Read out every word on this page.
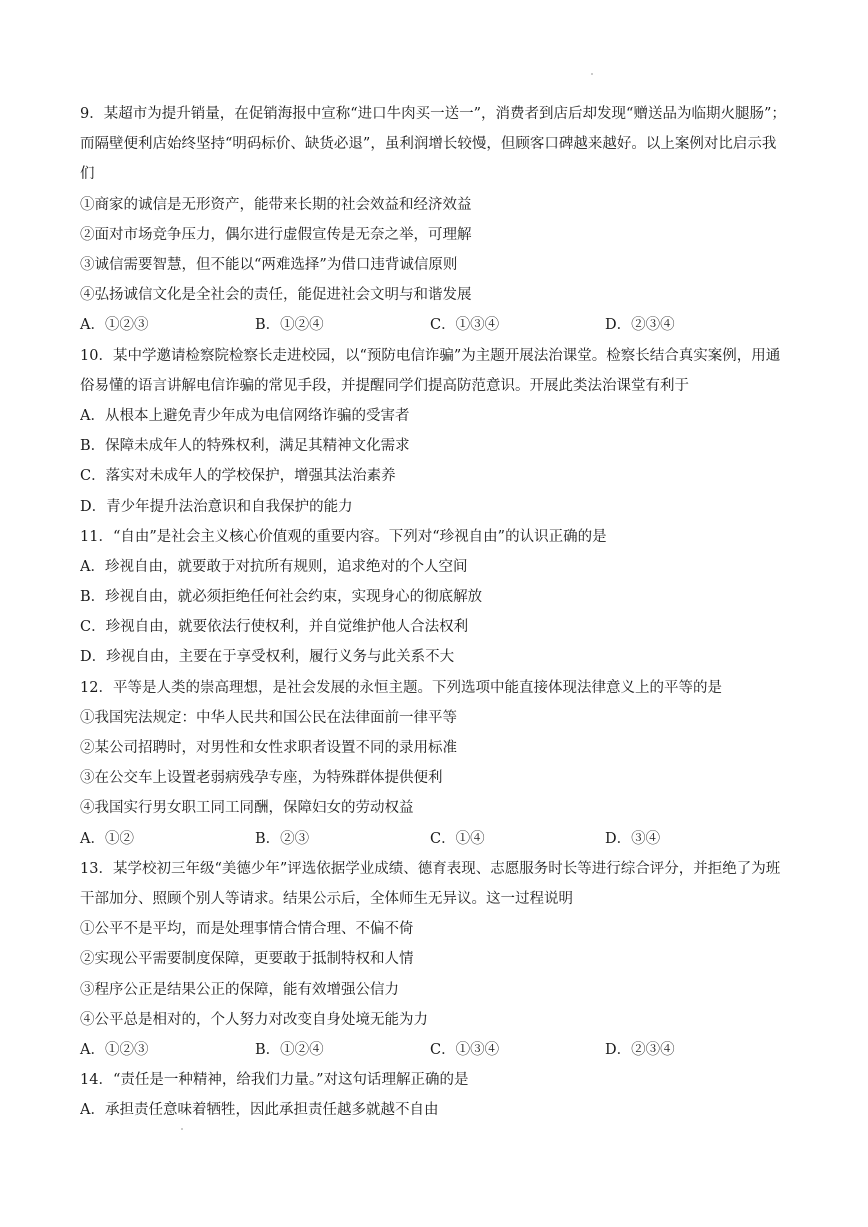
9．某超市为提升销量，在促销海报中宣称“进口牛肉买一送一”，消费者到店后却发现“赠送品为临期火腿肠”；而隔壁便利店始终坚持“明码标价、缺货必退”，虽利润增长较慢，但顾客口碑越来越好。以上案例对比启示我们
①商家的诚信是无形资产，能带来长期的社会效益和经济效益
②面对市场竞争压力，偶尔进行虚假宣传是无奈之举，可理解
③诚信需要智慧，但不能以“两难选择”为借口违背诚信原则
④弘扬诚信文化是全社会的责任，能促进社会文明与和谐发展
A．①②③	B．①②④	C．①③④	D．②③④
10．某中学邀请检察院检察长走进校园，以“预防电信诈骗”为主题开展法治课堂。检察长结合真实案例，用通俗易懂的语言讲解电信诈骗的常见手段，并提醒同学们提高防范意识。开展此类法治课堂有利于
A．从根本上避免青少年成为电信网络诈骗的受害者
B．保障未成年人的特殊权利，满足其精神文化需求
C．落实对未成年人的学校保护，增强其法治素养
D．青少年提升法治意识和自我保护的能力
11．“自由”是社会主义核心价值观的重要内容。下列对“珍视自由”的认识正确的是
A．珍视自由，就要敢于对抗所有规则，追求绝对的个人空间
B．珍视自由，就必须拒绝任何社会约束，实现身心的彻底解放
C．珍视自由，就要依法行使权利，并自觉维护他人合法权利
D．珍视自由，主要在于享受权利，履行义务与此关系不大
12．平等是人类的崇高理想，是社会发展的永恒主题。下列选项中能直接体现法律意义上的平等的是
①我国宪法规定：中华人民共和国公民在法律面前一律平等
②某公司招聘时，对男性和女性求职者设置不同的录用标准
③在公交车上设置老弱病残孕专座，为特殊群体提供便利
④我国实行男女职工同工同酬，保障妇女的劳动权益
A．①②	B．②③	C．①④	D．③④
13．某学校初三年级“美德少年”评选依据学业成绩、德育表现、志愿服务时长等进行综合评分，并拒绝了为班干部加分、照顾个别人等请求。结果公示后，全体师生无异议。这一过程说明
①公平不是平均，而是处理事情合情合理、不偏不倚
②实现公平需要制度保障，更要敢于抵制特权和人情
③程序公正是结果公正的保障，能有效增强公信力
④公平总是相对的，个人努力对改变自身处境无能为力
A．①②③	B．①②④	C．①③④	D．②③④
14．“责任是一种精神，给我们力量。”对这句话理解正确的是
A．承担责任意味着牺牲，因此承担责任越多就越不自由
